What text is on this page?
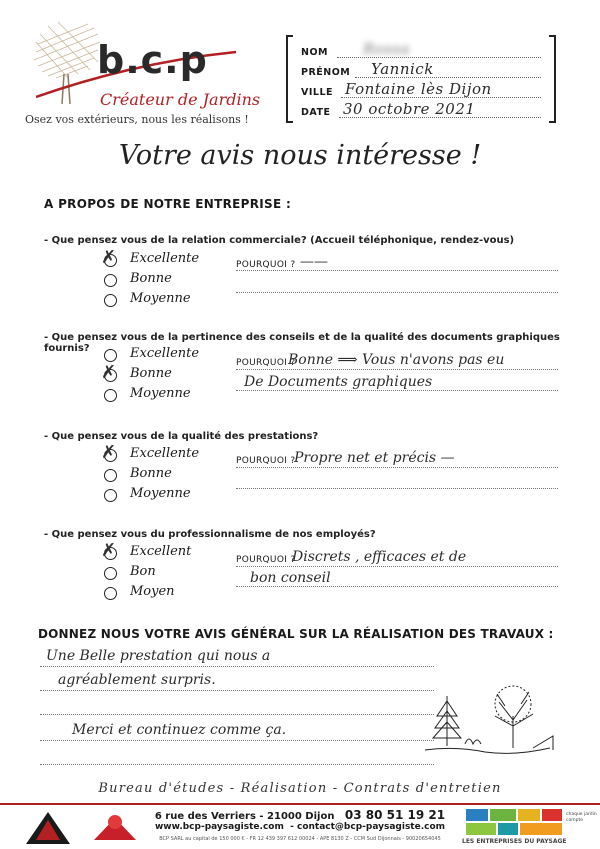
b.c.p
Créateur de Jardins
Osez vos extérieurs, nous les réalisons !
NOM Rossa
PRÉNOM Yannick
VILLE Fontaine lès Dijon
DATE 30 octobre 2021
Votre avis nous intéresse !
A PROPOS DE NOTRE ENTREPRISE :
- Que pensez vous de la relation commerciale? (Accueil téléphonique, rendez-vous)
✗ Excellente
Bonne
Moyenne
POURQUOI ? ——
- Que pensez vous de la pertinence des conseils et de la qualité des documents graphiques fournis?	Excellente
✗ Bonne
Moyenne
POURQUOI ?
Bonne ⟹ Vous n'avons pas eu
De Documents graphiques
- Que pensez vous de la qualité des prestations?
✗ Excellente
Bonne
Moyenne
POURQUOI ?
Propre net et précis —
- Que pensez vous du professionnalisme de nos employés?
✗ Excellent
Bon
Moyen
POURQUOI ?
Discrets , efficaces et de
bon conseil
DONNEZ NOUS VOTRE AVIS GÉNÉRAL SUR LA RÉALISATION DES TRAVAUX :
Une Belle prestation qui nous a
agréablement surpris.
Merci et continuez comme ça.
Bureau d'études - Réalisation - Contrats d'entretien
6 rue des Verriers - 21000 Dijon 03 80 51 19 21
www.bcp-paysagiste.com  - contact@bcp-paysagiste.com
BCP SARL au capital de 150 000 € - FR 12 439 397 612 00024 - APE 8130 Z - CCM Sud Dijonnais - 90020654045	LES ENTREPRISES DU PAYSAGE
chaque jardin compte
